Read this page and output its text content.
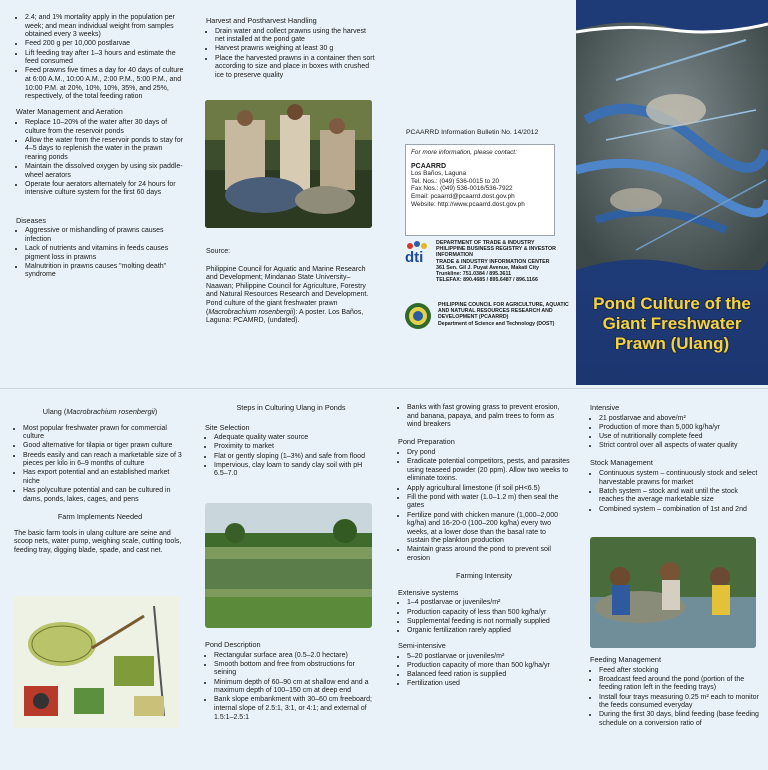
• 2.4; and 1% mortality apply in the population per week; and mean individual weight from samples obtained every 3 weeks)
• Feed 200 g per 10,000 postlarvae
• Lift feeding tray after 1–3 hours and estimate the feed consumed
• Feed prawns five times a day for 40 days of culture at 6:00 A.M., 10:00 A.M., 2:00 P.M., 5:00 P.M., and 10:00 P.M. at 20%, 10%, 10%, 35%, and 25%, respectively, of the total feeding ration
Water Management and Aeration
• Replace 10–20% of the water after 30 days of culture from the reservoir ponds
• Allow the water from the reservoir ponds to stay for 4–5 days to replenish the water in the prawn rearing ponds
• Maintain the dissolved oxygen by using six paddle-wheel aerators
• Operate four aerators alternately for 24 hours for intensive culture system for the first 60 days
Diseases
• Aggressive or mishandling of prawns causes infection
• Lack of nutrients and vitamins in feeds causes pigment loss in prawns
• Malnutrition in prawns causes "molting death" syndrome
Harvest and Postharvest Handling
• Drain water and collect prawns using the harvest net installed at the pond gate
• Harvest prawns weighing at least 30 g
• Place the harvested prawns in a container then sort according to size and place in boxes with crushed ice to preserve quality
Source:
Philippine Council for Aquatic and Marine Research and Development; Mindanao State University–Naawan; Philippine Council for Agriculture, Forestry and Natural Resources Research and Development. Pond culture of the giant freshwater prawn (Macrobrachium rosenbergii): A poster. Los Baños, Laguna: PCAMRD, (undated).
PCAARRD Information Bulletin No. 14/2012
For more information, please contact:
PCAARRD
Los Baños, Laguna
Tel. Nos.: (049) 536-0015 to 20
Fax Nos.: (049) 536-0016/536-7922
Email: pcaarrd@pcaarrd.dost.gov.ph
Website: http://www.pcaarrd.dost.gov.ph
dti
DEPARTMENT OF TRADE & INDUSTRY
PHILIPPINE BUSINESS REGISTRY & INVESTOR INFORMATION
TRADE & INDUSTRY INFORMATION CENTER
361 Sen. Gil J. Puyat Avenue, Makati City
Trunkline: 751.0384 / 895.3611
TELEFAX: 890.4685 / 895.6487 / 896.1166
PHILIPPINE COUNCIL FOR AGRICULTURE, AQUATIC
AND NATURAL RESOURCES RESEARCH AND
DEVELOPMENT (PCAARRD)
Department of Science and Technology (DOST)
Pond Culture of the
Giant Freshwater
Prawn (Ulang)
Ulang (Macrobrachium rosenbergii)
• Most popular freshwater prawn for commercial culture
• Good alternative for tilapia or tiger prawn culture
• Breeds easily and can reach a marketable size of 3 pieces per kilo in 6–9 months of culture
• Has export potential and an established market niche
• Has polyculture potential and can be cultured in dams, ponds, lakes, cages, and pens
Farm Implements Needed
The basic farm tools in ulang culture are seine and scoop nets, water pump, weighing scale, cutting tools, feeding tray, digging blade, spade, and cast net.
Steps in Culturing Ulang in Ponds
Site Selection
• Adequate quality water source
• Proximity to market
• Flat or gently sloping (1–3%) and safe from flood
• Impervious, clay loam to sandy clay soil with pH 6.5–7.0
Pond Description
• Rectangular surface area (0.5–2.0 hectare)
• Smooth bottom and free from obstructions for seining
• Minimum depth of 60–90 cm at shallow end and a maximum depth of 100–150 cm at deep end
• Bank slope embankment with 30–60 cm freeboard; internal slope of 2.5:1, 3:1, or 4:1; and external of 1.5:1–2.5:1
• Banks with fast growing grass to prevent erosion, and banana, papaya, and palm trees to form as wind breakers
Pond Preparation
• Dry pond
• Eradicate potential competitors, pests, and parasites using teaseed powder (20 ppm). Allow two weeks to eliminate toxins.
• Apply agricultural limestone (if soil pH<6.5)
• Fill the pond with water (1.0–1.2 m) then seal the gates
• Fertilize pond with chicken manure (1,000–2,000 kg/ha) and 16-20-0 (100–200 kg/ha) every two weeks, at a lower dose than the basal rate to sustain the plankton production
• Maintain grass around the pond to prevent soil erosion
Farming Intensity
Extensive systems
• 1–4 postlarvae or juveniles/m²
• Production capacity of less than 500 kg/ha/yr
• Supplemental feeding is not normally supplied
• Organic fertilization rarely applied
Semi-intensive
• 5–20 postlarvae or juveniles/m²
• Production capacity of more than 500 kg/ha/yr
• Balanced feed ration is supplied
• Fertilization used
Intensive
• 21 postlarvae and above/m²
• Production of more than 5,000 kg/ha/yr
• Use of nutritionally complete feed
• Strict control over all aspects of water quality
Stock Management
• Continuous system – continuously stock and select harvestable prawns for market
• Batch system – stock and wait until the stock reaches the average marketable size
• Combined system – combination of 1st and 2nd
Feeding Management
• Feed after stocking
• Broadcast feed around the pond (portion of the feeding ration left in the feeding trays)
• Install four trays measuring 0.25 m² each to monitor the feeds consumed everyday
• During the first 30 days, blind feeding (base feeding schedule on a conversion ratio of
